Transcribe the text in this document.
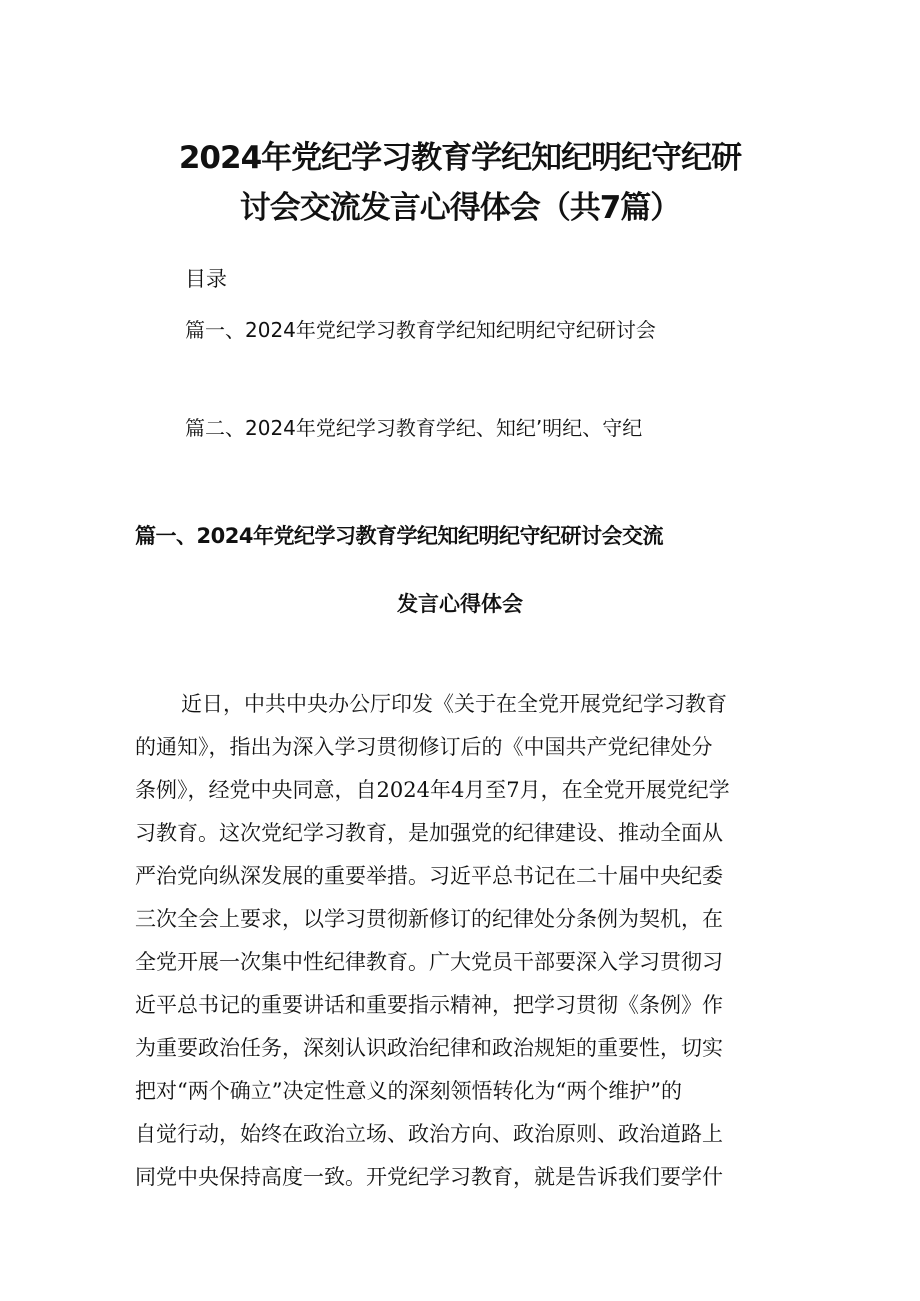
2024年党纪学习教育学纪知纪明纪守纪研
讨会交流发言心得体会（共7篇）

目录

篇一、2024年党纪学习教育学纪知纪明纪守纪研讨会

篇二、2024年党纪学习教育学纪、知纪’明纪、守纪

篇一、2024年党纪学习教育学纪知纪明纪守纪研讨会交流
发言心得体会
近日，中共中央办公厅印发《关于在全党开展党纪学习教育
的通知》，指出为深入学习贯彻修订后的《中国共产党纪律处分
条例》，经党中央同意，自2024年4月至7月，在全党开展党纪学
习教育。这次党纪学习教育，是加强党的纪律建设、推动全面从
严治党向纵深发展的重要举措。习近平总书记在二十届中央纪委
三次全会上要求，以学习贯彻新修订的纪律处分条例为契机，在
全党开展一次集中性纪律教育。广大党员干部要深入学习贯彻习
近平总书记的重要讲话和重要指示精神，把学习贯彻《条例》作
为重要政治任务，深刻认识政治纪律和政治规矩的重要性，切实
把对“两个确立”决定性意义的深刻领悟转化为“两个维护”的
自觉行动，始终在政治立场、政治方向、政治原则、政治道路上
同党中央保持高度一致。开党纪学习教育，就是告诉我们要学什
